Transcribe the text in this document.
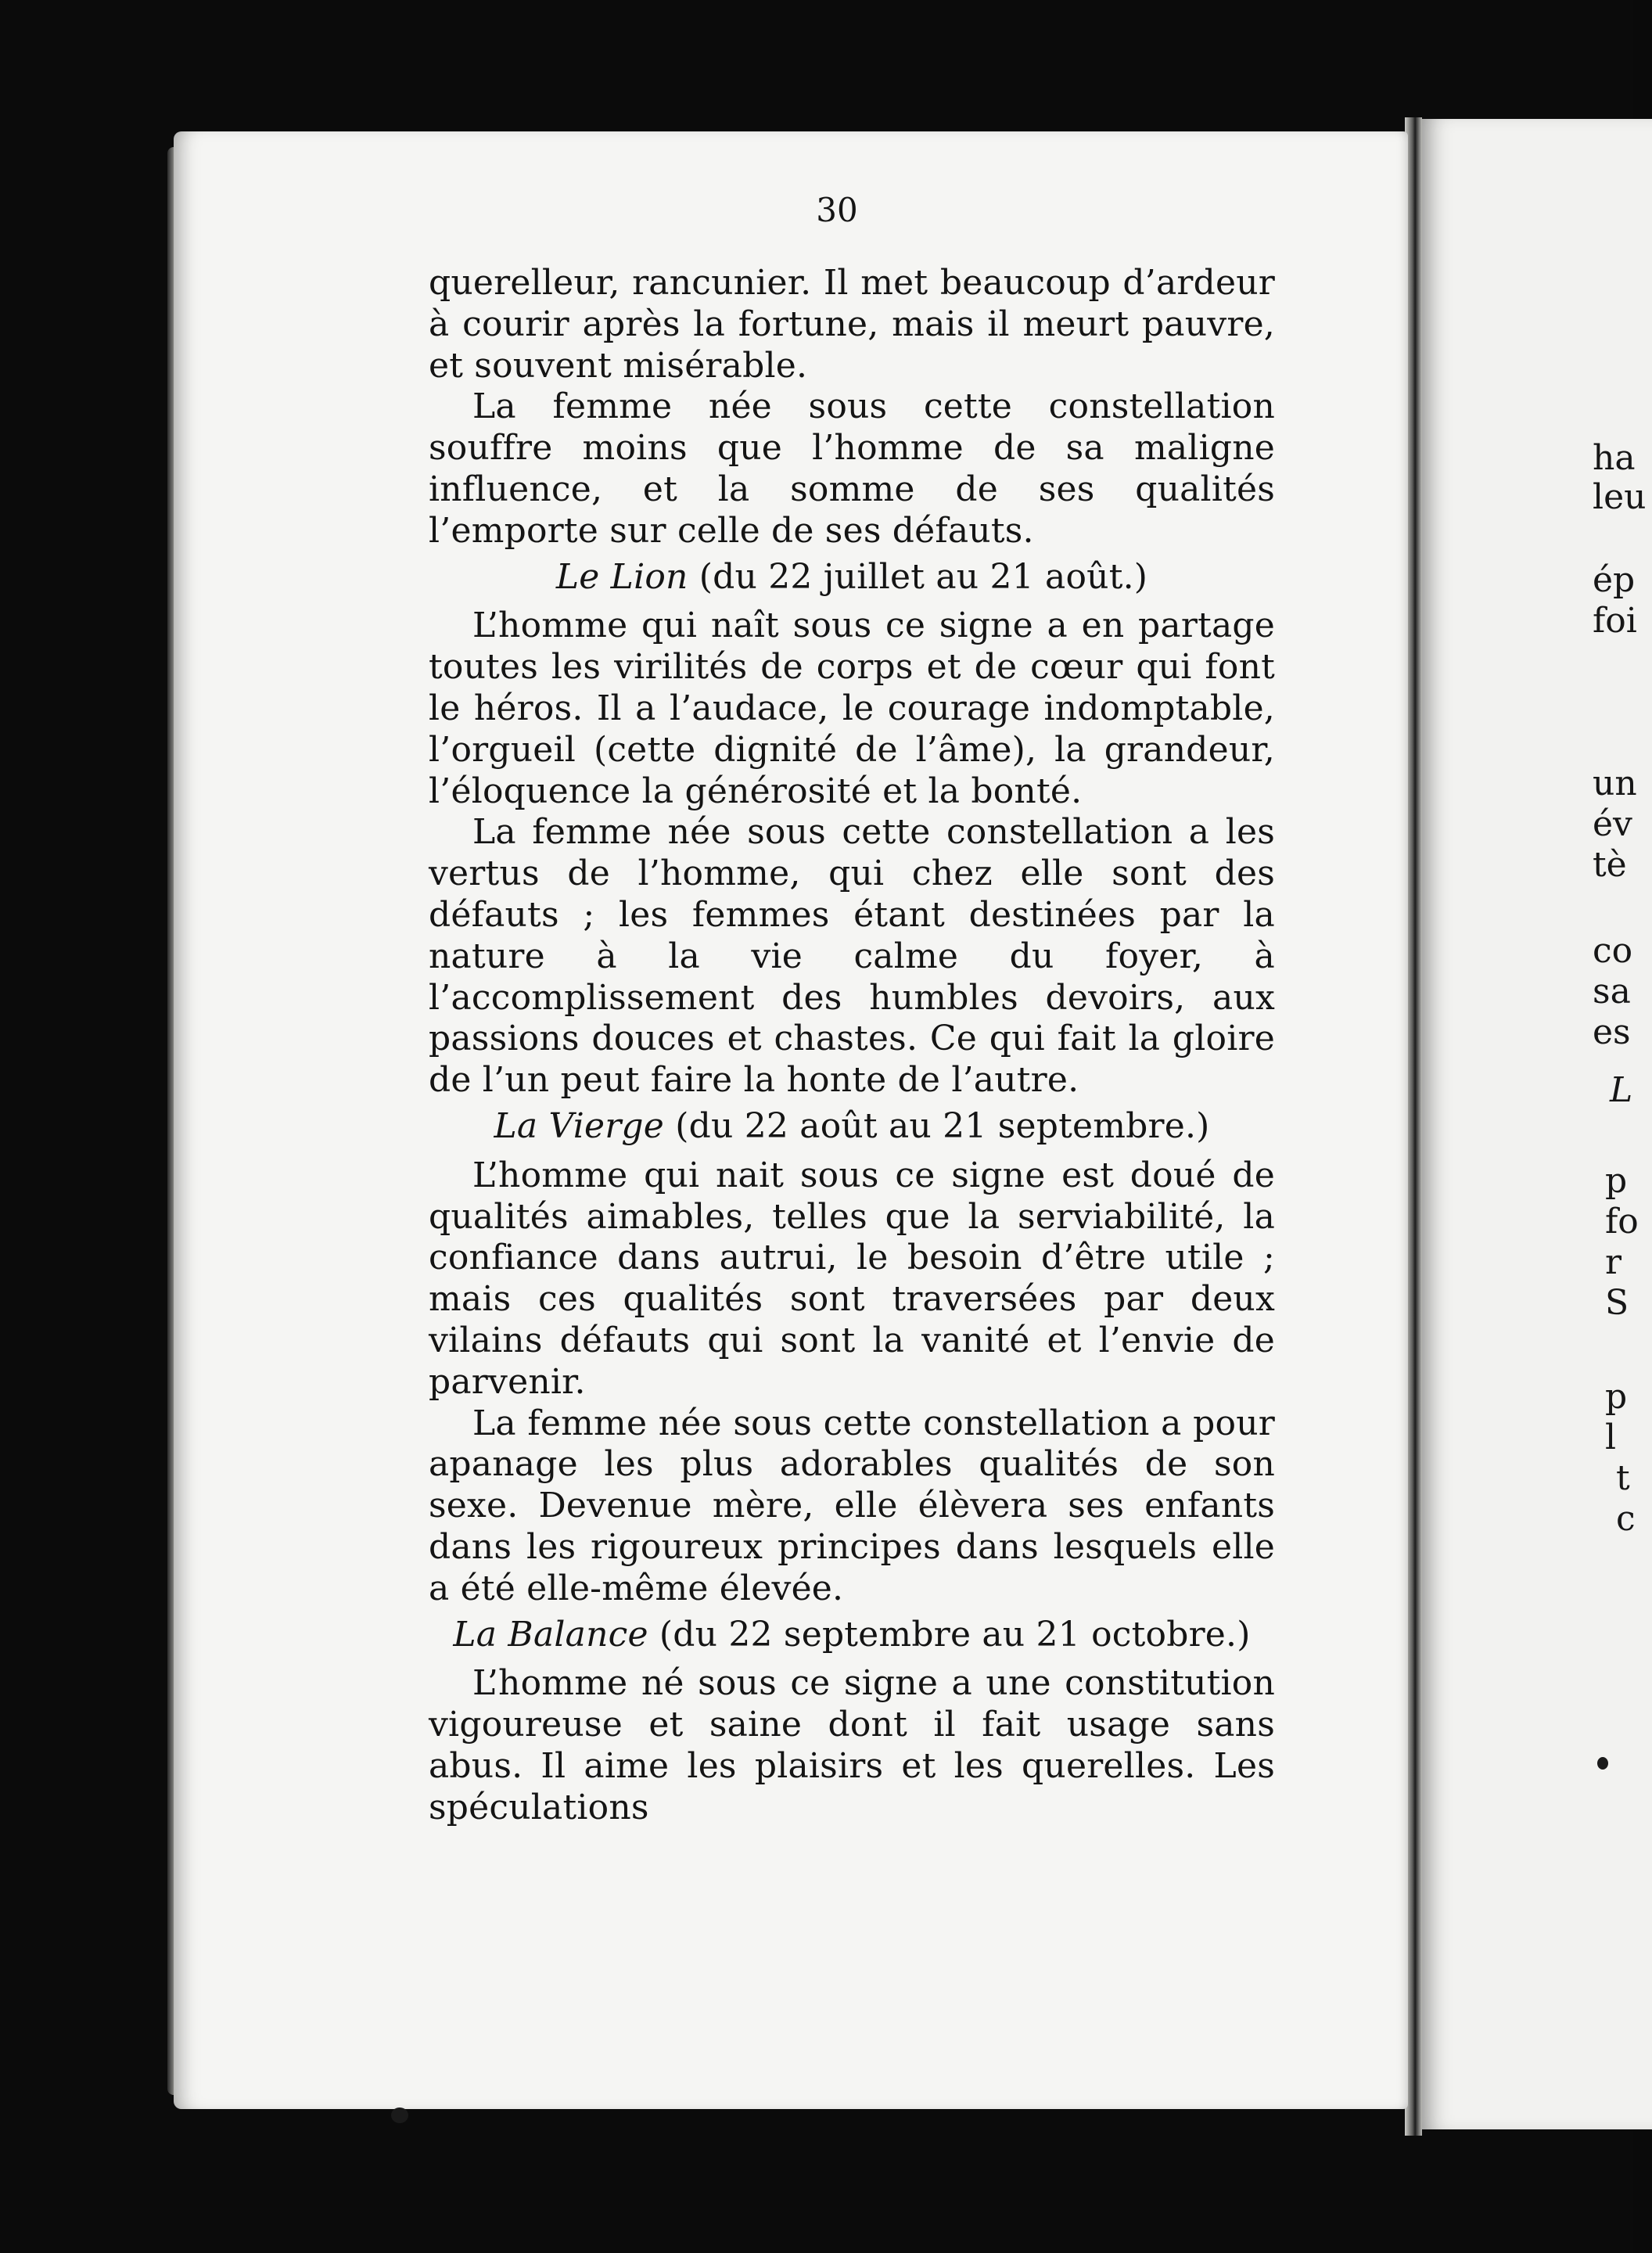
30

querelleur, rancunier. Il met beaucoup d’ardeur à courir après la fortune, mais il meurt pauvre, et souvent misérable.

La femme née sous cette constellation souffre moins que l’homme de sa maligne influence, et la somme de ses qualités l’emporte sur celle de ses défauts.

Le Lion (du 22 juillet au 21 août.)

L’homme qui naît sous ce signe a en partage toutes les virilités de corps et de cœur qui font le héros. Il a l’audace, le courage indomptable, l’orgueil (cette dignité de l’âme), la grandeur, l’éloquence la générosité et la bonté.

La femme née sous cette constellation a les vertus de l’homme, qui chez elle sont des défauts ; les femmes étant destinées par la nature à la vie calme du foyer, à l’accomplissement des humbles devoirs, aux passions douces et chastes. Ce qui fait la gloire de l’un peut faire la honte de l’autre.

La Vierge (du 22 août au 21 septembre.)

L’homme qui nait sous ce signe est doué de qualités aimables, telles que la serviabilité, la confiance dans autrui, le besoin d’être utile ; mais ces qualités sont traversées par deux vilains défauts qui sont la vanité et l’envie de parvenir.

La femme née sous cette constellation a pour apanage les plus adorables qualités de son sexe. Devenue mère, elle élèvera ses enfants dans les rigoureux principes dans lesquels elle a été elle-même élevée.

La Balance (du 22 septembre au 21 octobre.)

L’homme né sous ce signe a une constitution vigoureuse et saine dont il fait usage sans abus. Il aime les plaisirs et les querelles. Les spéculations

ha
leu
ép
foi
un
év
tè
co
sa
es
L
p
fo
r
S
p
l
t
c
